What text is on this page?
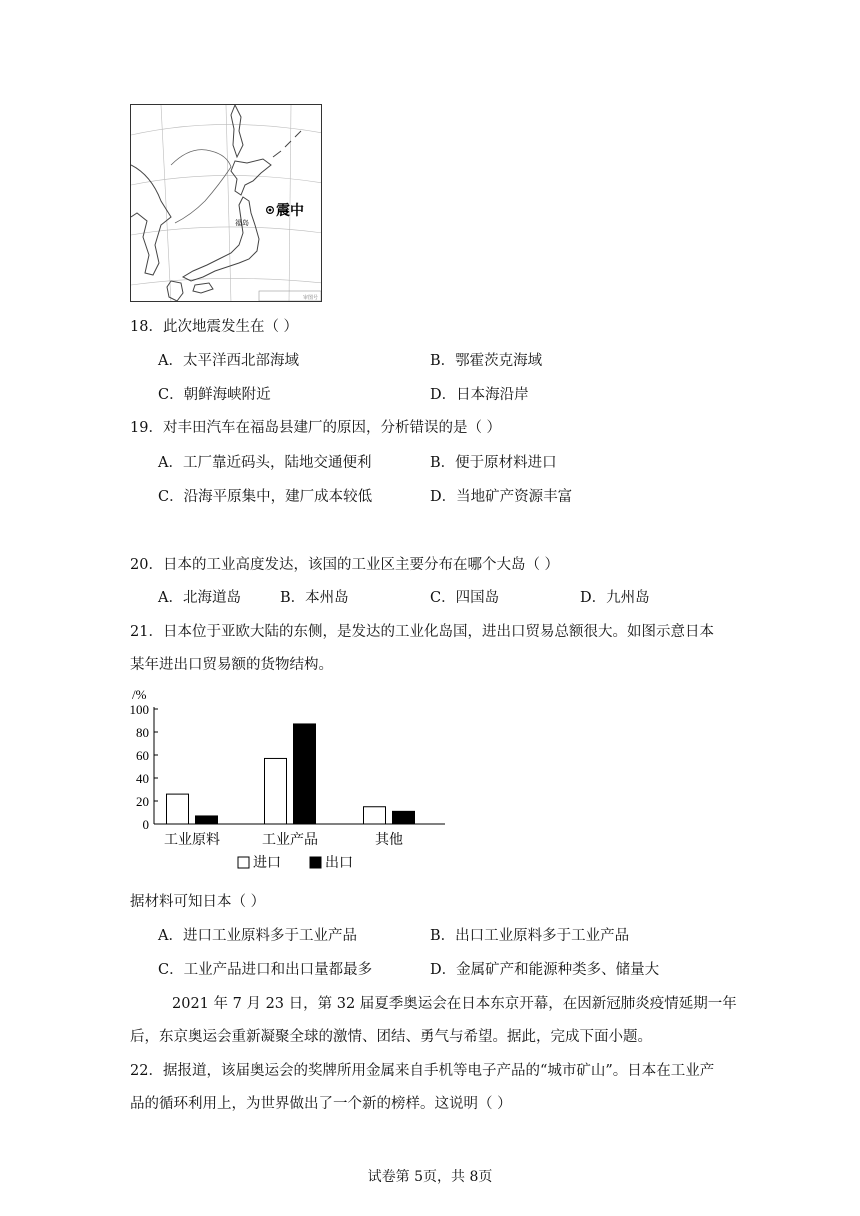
震中
福岛
审图号
18．此次地震发生在（ ）
A．太平洋西北部海域	B．鄂霍茨克海域
C．朝鲜海峡附近	D．日本海沿岸
19．对丰田汽车在福岛县建厂的原因，分析错误的是（ ）
A．工厂靠近码头，陆地交通便利	B．便于原材料进口
C．沿海平原集中，建厂成本较低	D．当地矿产资源丰富
20．日本的工业高度发达，该国的工业区主要分布在哪个大岛（ ）
A．北海道岛	B．本州岛	C．四国岛	D．九州岛
21．日本位于亚欧大陆的东侧，是发达的工业化岛国，进出口贸易总额很大。如图示意日本
某年进出口贸易额的货物结构。
/%
0
20
40
60
80
100
工业原料	工业产品	其他
进口	出口
据材料可知日本（ ）
A．进口工业原料多于工业产品	B．出口工业原料多于工业产品
C．工业产品进口和出口量都最多	D．金属矿产和能源种类多、储量大
2021 年 7 月 23 日，第 32 届夏季奥运会在日本东京开幕，在因新冠肺炎疫情延期一年
后，东京奥运会重新凝聚全球的激情、团结、勇气与希望。据此，完成下面小题。
22．据报道，该届奥运会的奖牌所用金属来自手机等电子产品的“城市矿山”。日本在工业产
品的循环利用上，为世界做出了一个新的榜样。这说明（ ）
试卷第 5页，共 8页
